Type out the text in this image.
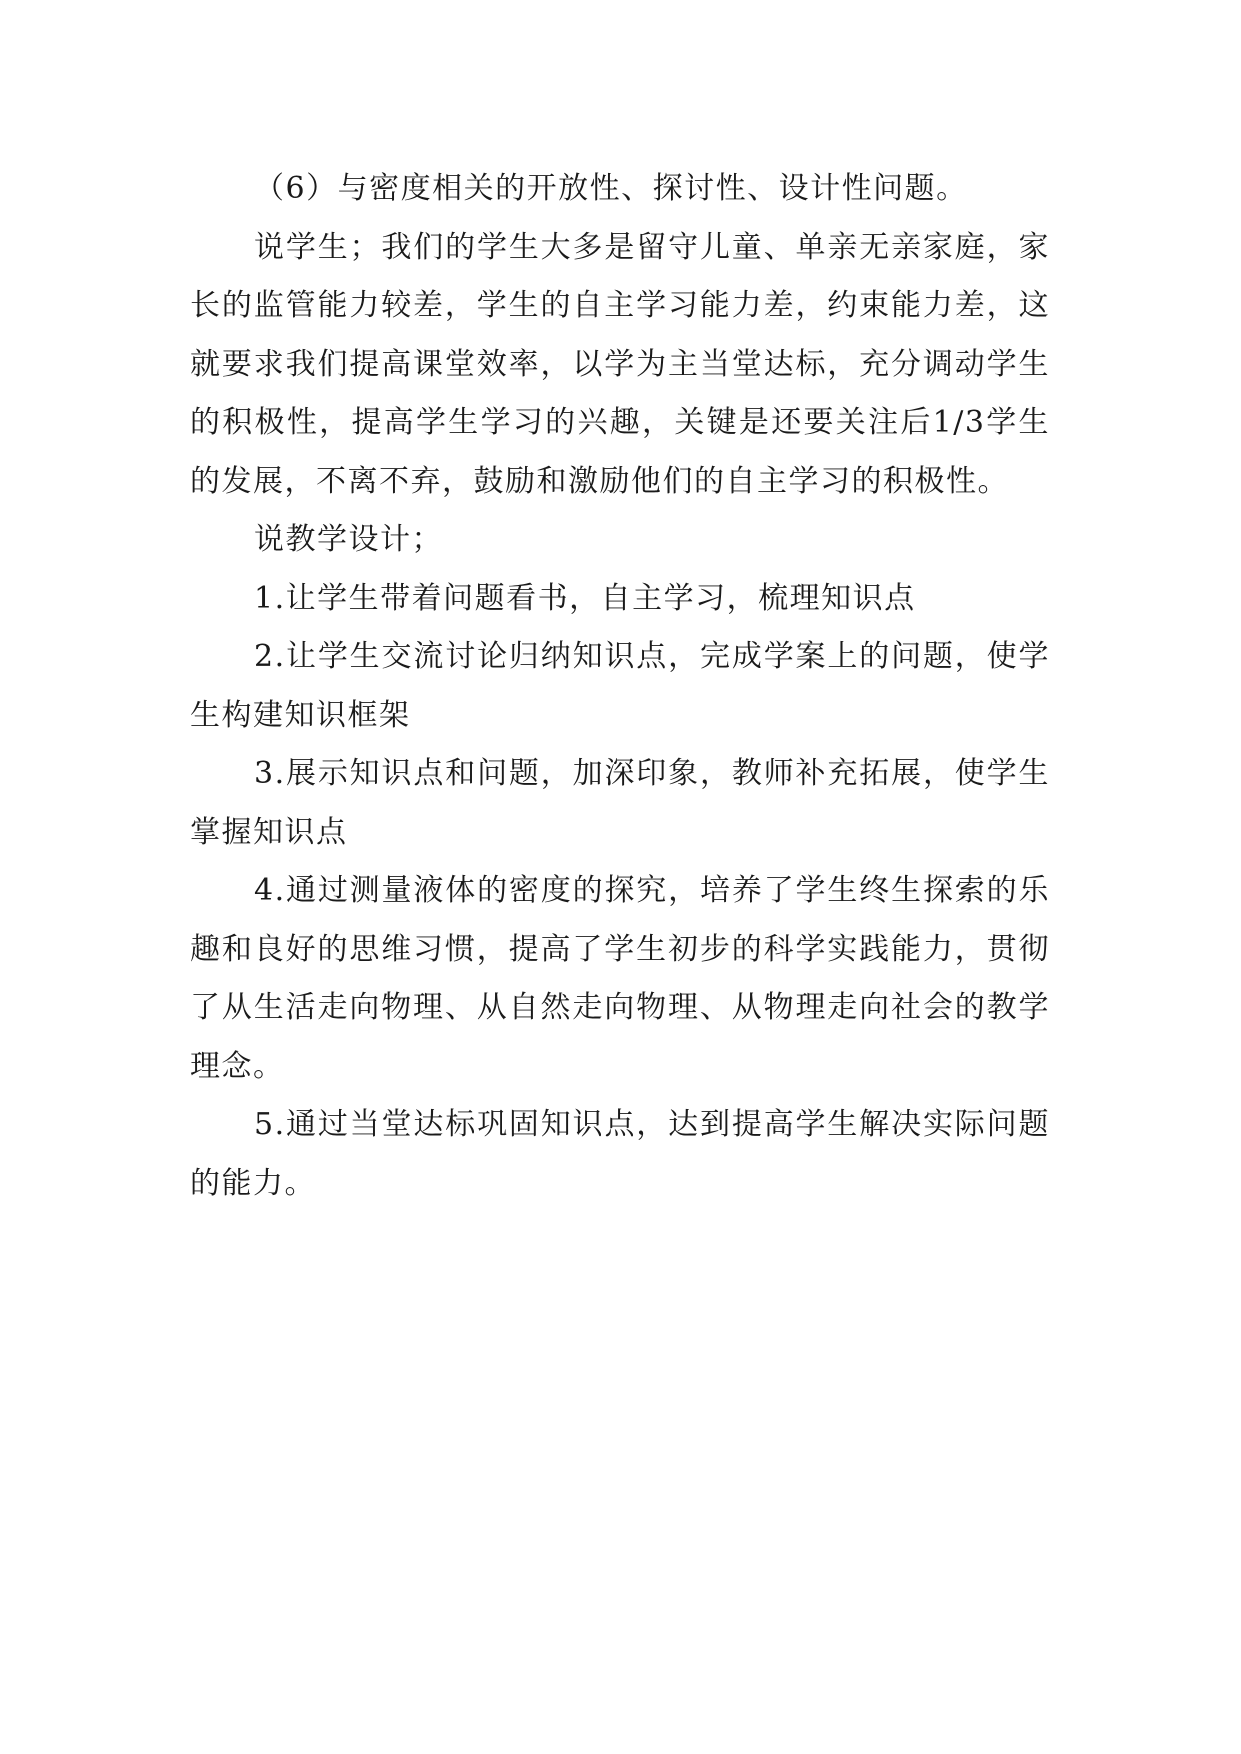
（6）与密度相关的开放性、探讨性、设计性问题。

说学生；我们的学生大多是留守儿童、单亲无亲家庭，家长的监管能力较差，学生的自主学习能力差，约束能力差，这就要求我们提高课堂效率，以学为主当堂达标，充分调动学生的积极性，提高学生学习的兴趣，关键是还要关注后1/3学生的发展，不离不弃，鼓励和激励他们的自主学习的积极性。

说教学设计；

1.让学生带着问题看书，自主学习，梳理知识点

2.让学生交流讨论归纳知识点，完成学案上的问题，使学生构建知识框架

3.展示知识点和问题，加深印象，教师补充拓展，使学生掌握知识点

4.通过测量液体的密度的探究，培养了学生终生探索的乐趣和良好的思维习惯，提高了学生初步的科学实践能力，贯彻了从生活走向物理、从自然走向物理、从物理走向社会的教学理念。

5.通过当堂达标巩固知识点，达到提高学生解决实际问题的能力。
